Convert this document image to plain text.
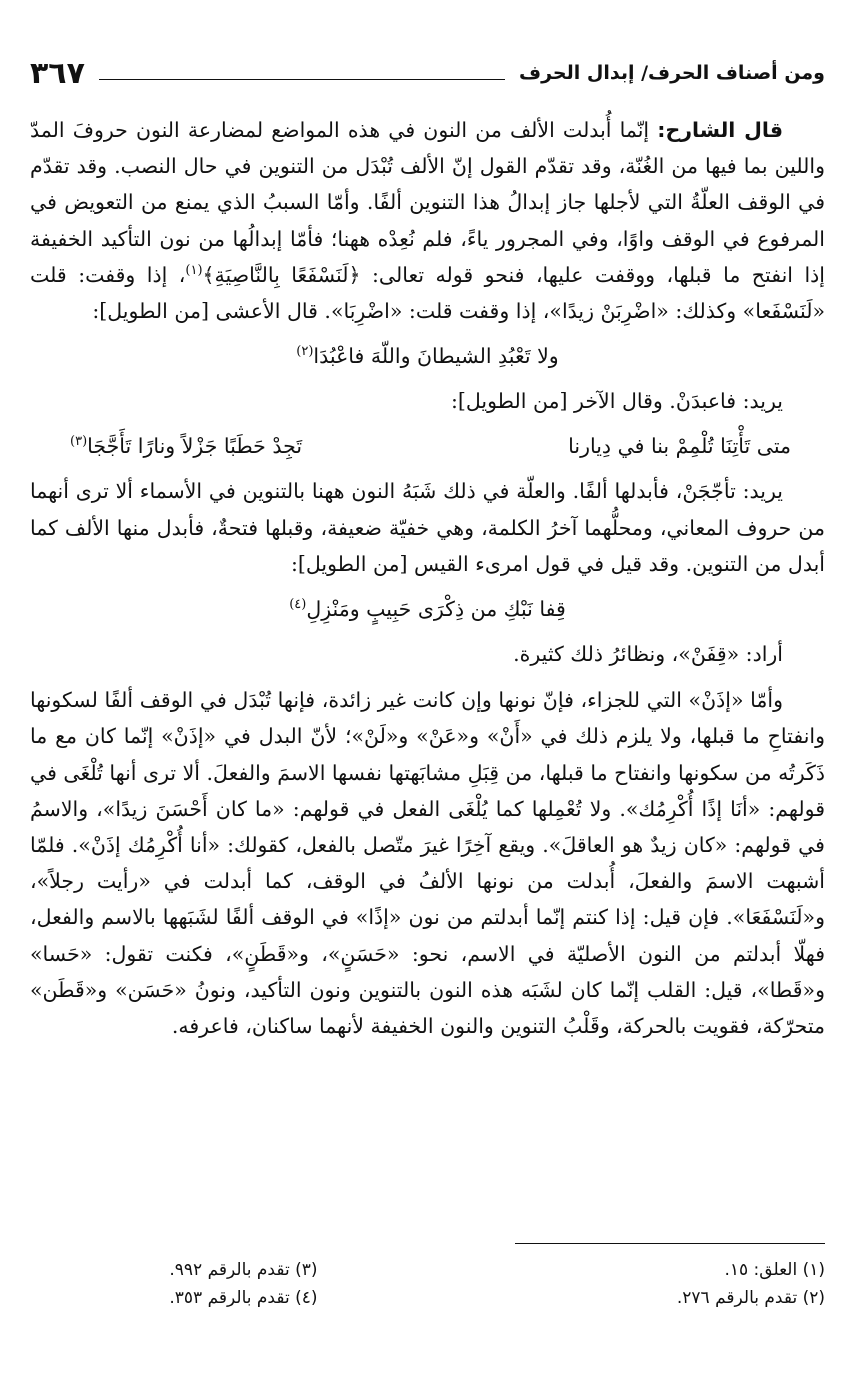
ومن أصناف الحرف/ إبدال الحرف
٣٦٧

قال الشارح: إنّما أُبدلت الألف من النون في هذه المواضع لمضارعة النون حروفَ المدّ واللين بما فيها من الغُنّة، وقد تقدّم القول إنّ الألف تُبْدَل من التنوين في حال النصب. وقد تقدّم في الوقف العلّةُ التي لأجلها جاز إبدالُ هذا التنوين ألفًا. وأمّا السببُ الذي يمنع من التعويض في المرفوع في الوقف واوًا، وفي المجرور ياءً، فلم نُعِدْه ههنا؛ فأمّا إبدالُها من نون التأكيد الخفيفة إذا انفتح ما قبلها، ووقفت عليها، فنحو قوله تعالى: ﴿لَنَسْفَعًا بِالنَّاصِيَةِ﴾$^{(١)}$، إذا وقفت: قلت «لَنَسْفَعا» وكذلك: «اضْرِبَنْ زيدًا»، إذا وقفت قلت: «اضْرِبَا». قال الأعشى [من الطويل]:

ولا تَعْبُدِ الشيطانَ واللّهَ فاعْبُدَا$^{(٢)}$

يريد: فاعبدَنْ. وقال الآخر [من الطويل]:

متى تَأْتِنَا تُلْمِمْ بنا في دِيارنا
تَجِدْ حَطَبًا جَزْلاً ونارًا تَأَجَّجَا$^{(٣)}$

يريد: تأجّجَنْ، فأبدلها ألفًا. والعلّة في ذلك شَبَهُ النون ههنا بالتنوين في الأسماء ألا ترى أنهما من حروف المعاني، ومحلُّهما آخرُ الكلمة، وهي خفيّة ضعيفة، وقبلها فتحةٌ، فأبدل منها الألف كما أبدل من التنوين. وقد قيل في قول امرىء القيس [من الطويل]:

قِفا نَبْكِ من ذِكْرَى حَبِيبٍ ومَنْزِلِ$^{(٤)}$

أراد: «قِفَنْ»، ونظائرُ ذلك كثيرة.

وأمّا «إذَنْ» التي للجزاء، فإنّ نونها وإن كانت غير زائدة، فإنها تُبْدَل في الوقف ألفًا لسكونها وانفتاحِ ما قبلها، ولا يلزم ذلك في «أَنْ» و«عَنْ» و«لَنْ»؛ لأنّ البدل في «إذَنْ» إنّما كان مع ما ذَكَرتُه من سكونها وانفتاح ما قبلها، من قِبَلِ مشابَهتها نفسها الاسمَ والفعلَ. ألا ترى أنها تُلْغَى في قولهم: «أنَا إذًا أُكْرِمُك». ولا تُعْمِلها كما يُلْغَى الفعل في قولهم: «ما كان أَحْسَنَ زيدًا»، والاسمُ في قولهم: «كان زيدٌ هو العاقلَ». ويقع آخِرًا غيرَ متّصل بالفعل، كقولك: «أنا أُكْرِمُك إذَنْ». فلمّا أشبهت الاسمَ والفعلَ، أُبدلت من نونها الألفُ في الوقف، كما أبدلت في «رأيت رجلاً»، و«لَنَسْفَعَا». فإن قيل: إذا كنتم إنّما أبدلتم من نون «إذًا» في الوقف ألفًا لشَبَهها بالاسم والفعل، فهلّا أبدلتم من النون الأصليّة في الاسم، نحو: «حَسَنٍ»، و«قَطَنٍ»، فكنت تقول: «حَسا» و«قَطا»، قيل: القلب إنّما كان لشَبَه هذه النون بالتنوين ونون التأكيد، ونونُ «حَسَن» و«قَطَن» متحرّكة، فقويت بالحركة، وقَلْبُ التنوين والنون الخفيفة لأنهما ساكنان، فاعرفه.

(١) العلق: ١٥.
(٢) تقدم بالرقم ٢٧٦.
(٣) تقدم بالرقم ٩٩٢.
(٤) تقدم بالرقم ٣٥٣.
